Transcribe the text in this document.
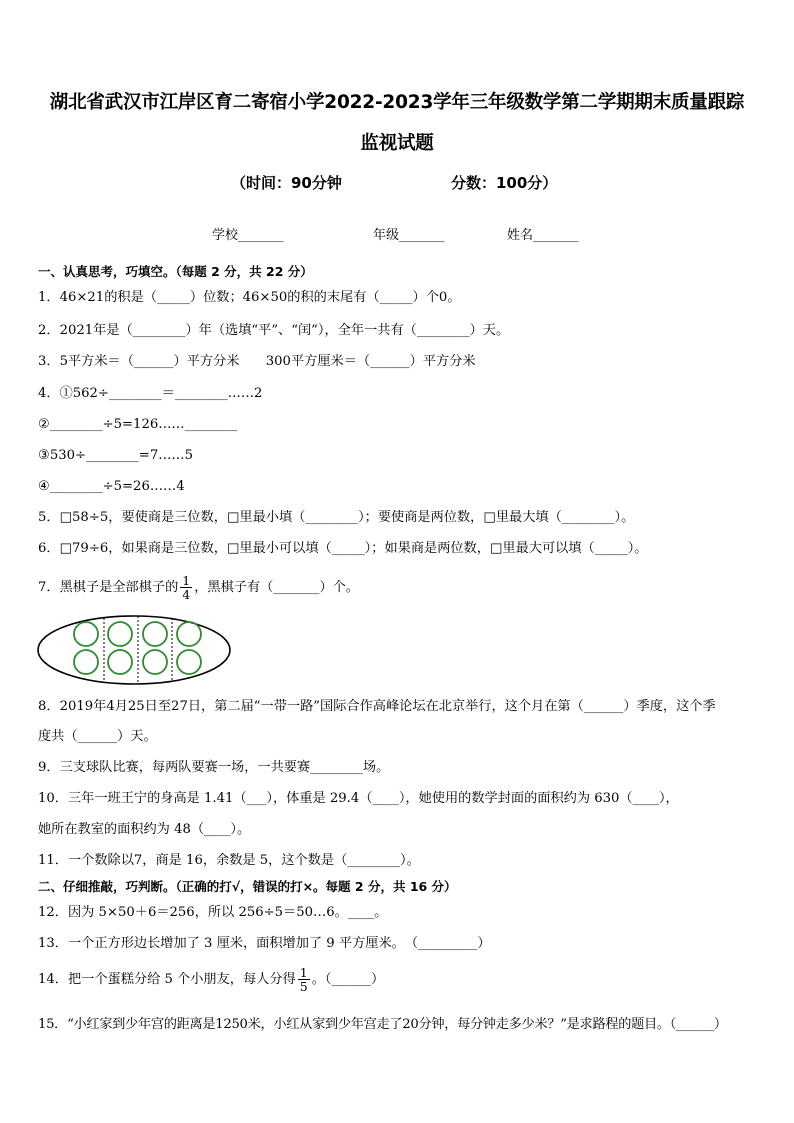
湖北省武汉市江岸区育二寄宿小学2022-2023学年三年级数学第二学期期末质量跟踪
监视试题
（时间：90分钟	分数：100分）
学校_______	年级_______	姓名_______
一、认真思考，巧填空。（每题 2 分，共 22 分）
1．46×21的积是（_____）位数；46×50的积的末尾有（_____）个0。
2．2021年是（________）年（选填“平”、“闰”），全年一共有（________）天。
3．5平方米＝（______）平方分米　　300平方厘米＝（______）平方分米
4．①562÷________＝________……2
②________÷5=126……________
③530÷________=7……5
④________÷5=26……4
5．□58÷5，要使商是三位数，□里最小填（________）；要使商是两位数，□里最大填（________）。
6．□79÷6，如果商是三位数，□里最小可以填（_____）；如果商是两位数，□里最大可以填（_____）。
7．黑棋子是全部棋子的 $\frac{1}{4}$ ，黑棋子有（_______）个。
8．2019年4月25日至27日，第二届“一带一路”国际合作高峰论坛在北京举行，这个月在第（______）季度，这个季
度共（______）天。
9．三支球队比赛，每两队要赛一场，一共要赛________场。
10．三年一班王宁的身高是 1.41（___），体重是 29.4（____），她使用的数学封面的面积约为 630（____），
她所在教室的面积约为 48（____）。
11．一个数除以7，商是 16，余数是 5，这个数是（________）。
二、仔细推敲，巧判断。（正确的打√，错误的打×。每题 2 分，共 16 分）
12．因为 5×50＋6＝256，所以 256÷5＝50…6。____。
13．一个正方形边长增加了 3 厘米，面积增加了 9 平方厘米。　（_________）
14．把一个蛋糕分给 5 个小朋友，每人分得 $\frac{1}{5}$ 。（______）
15．“小红家到少年宫的距离是1250米，小红从家到少年宫走了20分钟，每分钟走多少米？”是求路程的题目。（______）
